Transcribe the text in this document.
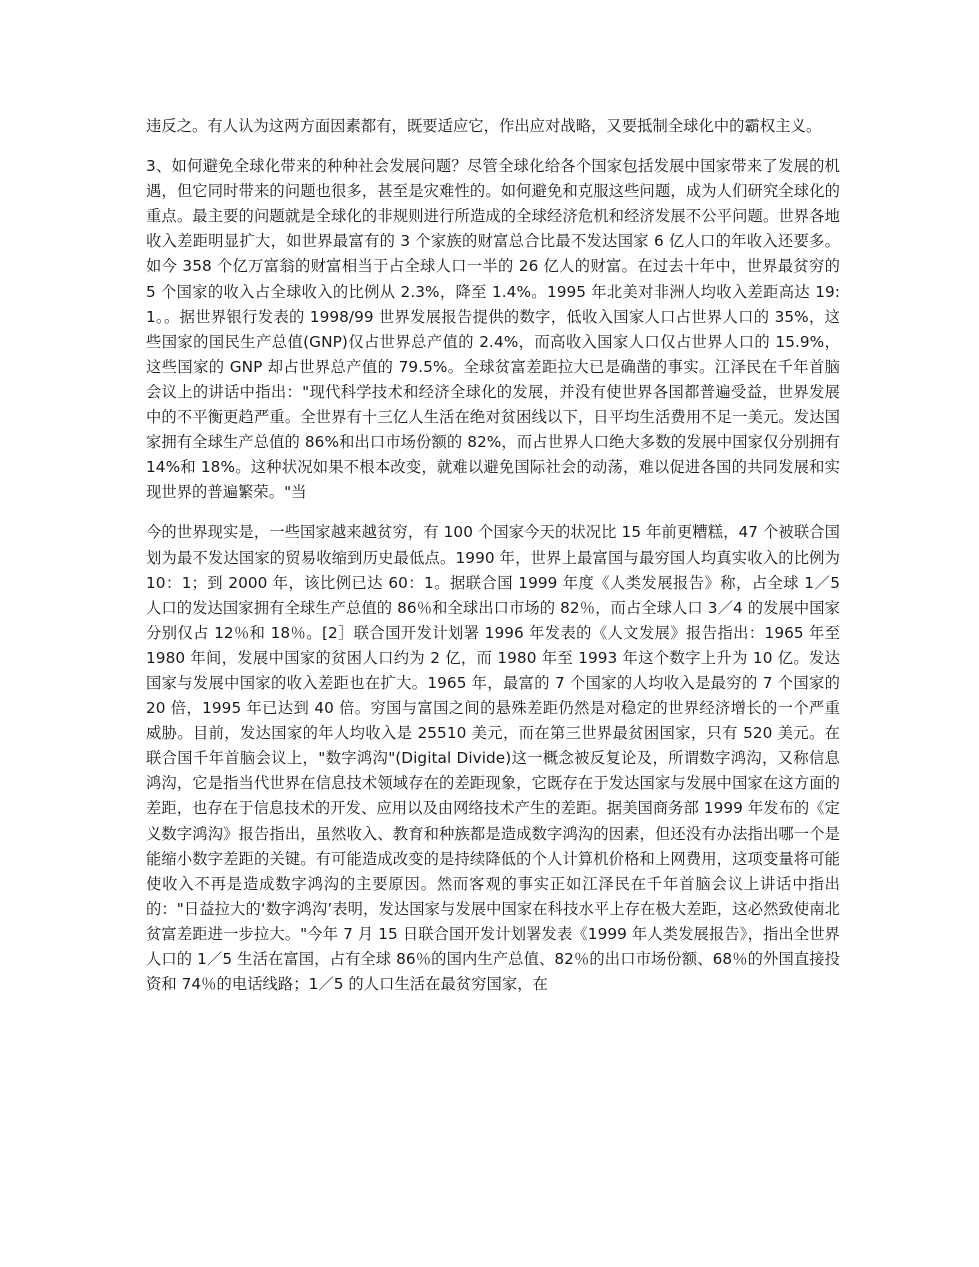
违反之。有人认为这两方面因素都有，既要适应它，作出应对战略，又要抵制全球化中的霸权主义。

3、如何避免全球化带来的种种社会发展问题？尽管全球化给各个国家包括发展中国家带来了发展的机遇，但它同时带来的问题也很多，甚至是灾难性的。如何避免和克服这些问题，成为人们研究全球化的重点。最主要的问题就是全球化的非规则进行所造成的全球经济危机和经济发展不公平问题。世界各地收入差距明显扩大，如世界最富有的 3 个家族的财富总合比最不发达国家 6 亿人口的年收入还要多。如今 358 个亿万富翁的财富相当于占全球人口一半的 26 亿人的财富。在过去十年中，世界最贫穷的 5 个国家的收入占全球收入的比例从 2.3%，降至 1.4%。1995 年北美对非洲人均收入差距高达 19:1。。据世界银行发表的 1998/99 世界发展报告提供的数字，低收入国家人口占世界人口的 35%，这些国家的国民生产总值(GNP)仅占世界总产值的 2.4%，而高收入国家人口仅占世界人口的 15.9%，这些国家的 GNP 却占世界总产值的 79.5%。全球贫富差距拉大已是确凿的事实。江泽民在千年首脑会议上的讲话中指出："现代科学技术和经济全球化的发展，并没有使世界各国都普遍受益，世界发展中的不平衡更趋严重。全世界有十三亿人生活在绝对贫困线以下，日平均生活费用不足一美元。发达国家拥有全球生产总值的 86%和出口市场份额的 82%，而占世界人口绝大多数的发展中国家仅分别拥有 14%和 18%。这种状况如果不根本改变，就难以避免国际社会的动荡，难以促进各国的共同发展和实现世界的普遍繁荣。"当

今的世界现实是，一些国家越来越贫穷，有 100 个国家今天的状况比 15 年前更糟糕，47 个被联合国划为最不发达国家的贸易收缩到历史最低点。1990 年，世界上最富国与最穷国人均真实收入的比例为 10：1；到 2000 年，该比例已达 60：1。据联合国 1999 年度《人类发展报告》称，占全球 1／5 人口的发达国家拥有全球生产总值的 86％和全球出口市场的 82％，而占全球人口 3／4 的发展中国家分别仅占 12％和 18％。[2］联合国开发计划署 1996 年发表的《人文发展》报告指出：1965 年至 1980 年间，发展中国家的贫困人口约为 2 亿，而 1980 年至 1993 年这个数字上升为 10 亿。发达国家与发展中国家的收入差距也在扩大。1965 年，最富的 7 个国家的人均收入是最穷的 7 个国家的 20 倍，1995 年已达到 40 倍。穷国与富国之间的悬殊差距仍然是对稳定的世界经济增长的一个严重威胁。目前，发达国家的年人均收入是 25510 美元，而在第三世界最贫困国家，只有 520 美元。在联合国千年首脑会议上，"数字鸿沟"(Digital Divide)这一概念被反复论及，所谓数字鸿沟，又称信息鸿沟，它是指当代世界在信息技术领域存在的差距现象，它既存在于发达国家与发展中国家在这方面的差距，也存在于信息技术的开发、应用以及由网络技术产生的差距。据美国商务部 1999 年发布的《定义数字鸿沟》报告指出，虽然收入、教育和种族都是造成数字鸿沟的因素，但还没有办法指出哪一个是能缩小数字差距的关键。有可能造成改变的是持续降低的个人计算机价格和上网费用，这项变量将可能使收入不再是造成数字鸿沟的主要原因。然而客观的事实正如江泽民在千年首脑会议上讲话中指出的："日益拉大的‘数字鸿沟’表明，发达国家与发展中国家在科技水平上存在极大差距，这必然致使南北贫富差距进一步拉大。"今年 7 月 15 日联合国开发计划署发表《1999 年人类发展报告》，指出全世界人口的 1／5 生活在富国，占有全球 86％的国内生产总值、82％的出口市场份额、68％的外国直接投资和 74％的电话线路；1／5 的人口生活在最贫穷国家，在
